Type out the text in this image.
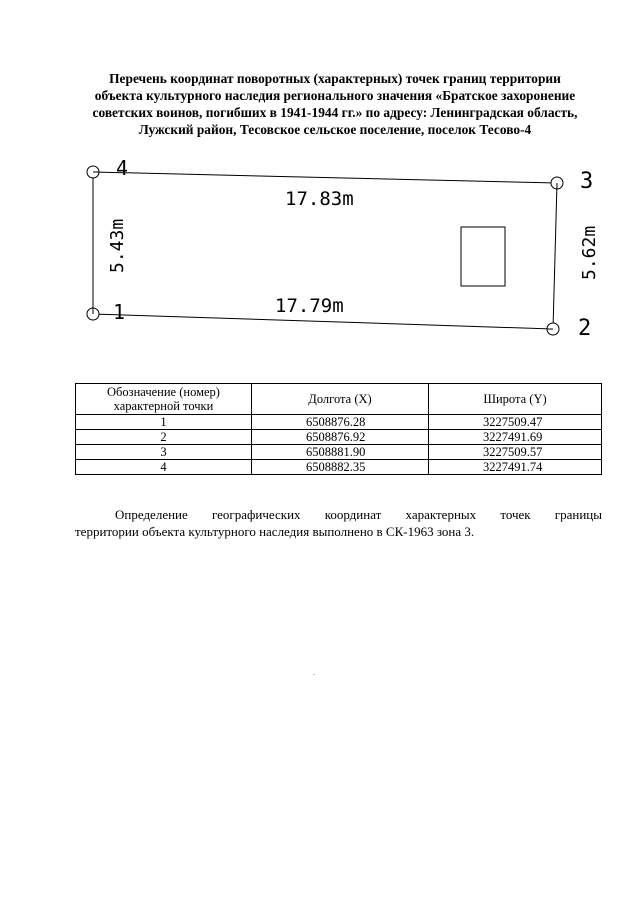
Перечень координат поворотных (характерных) точек границ территории
объекта культурного наследия регионального значения «Братское захоронение
советских воинов, погибших в 1941-1944 гг.» по адресу: Ленинградская область,
Лужский район, Тесовское сельское поселение, поселок Тесово-4
1
2
3
4
17.83m
17.79m
5.43m	5.62m
Обозначение (номер) характерной точки	Долгота (X)	Широта (Y)
1	6508876.28	3227509.47
2	6508876.92	3227491.69
3	6508881.90	3227509.57
4	6508882.35	3227491.74
Определение географических координат характерных точек границы
территории объекта культурного наследия выполнено в СК-1963 зона 3.
